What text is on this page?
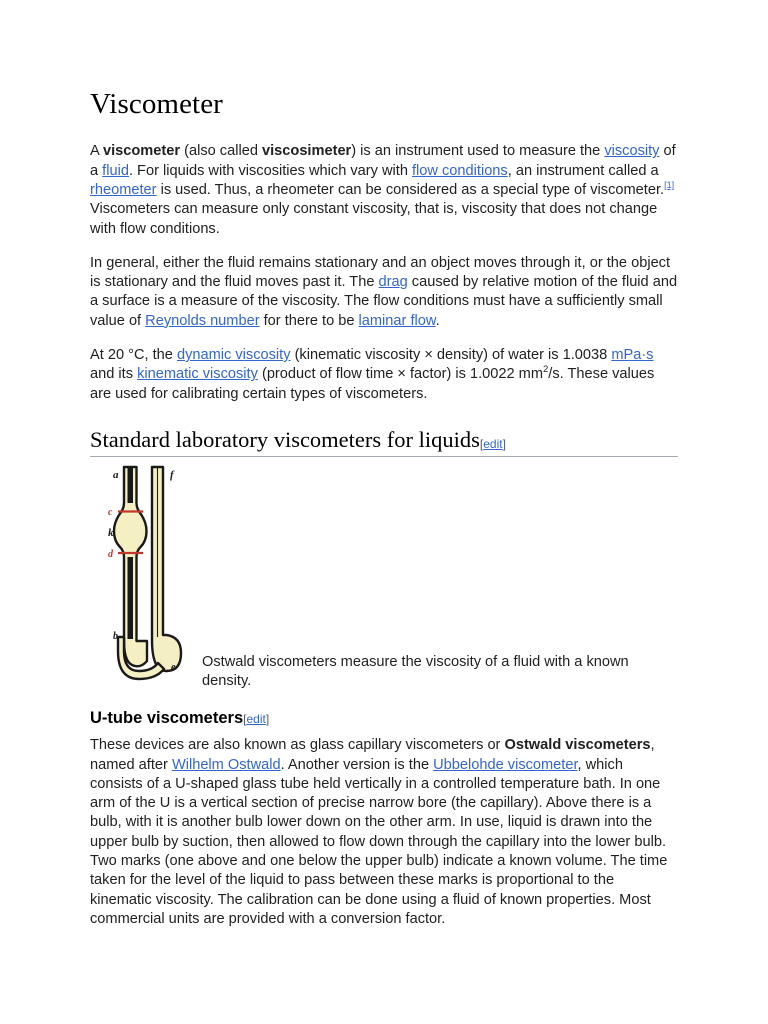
Viscometer

A viscometer (also called viscosimeter) is an instrument used to measure the viscosity of a fluid. For liquids with viscosities which vary with flow conditions, an instrument called a rheometer is used. Thus, a rheometer can be considered as a special type of viscometer.[1] Viscometers can measure only constant viscosity, that is, viscosity that does not change with flow conditions.

In general, either the fluid remains stationary and an object moves through it, or the object is stationary and the fluid moves past it. The drag caused by relative motion of the fluid and a surface is a measure of the viscosity. The flow conditions must have a sufficiently small value of Reynolds number for there to be laminar flow.

At 20 °C, the dynamic viscosity (kinematic viscosity × density) of water is 1.0038 mPa·s and its kinematic viscosity (product of flow time × factor) is 1.0022 $mm^2/s$. These values are used for calibrating certain types of viscometers.

Standard laboratory viscometers for liquids[edit]
a	f
c
k
d
b
e	Ostwald viscometers measure the viscosity of a fluid with a known density.

U-tube viscometers[edit]

These devices are also known as glass capillary viscometers or Ostwald viscometers, named after Wilhelm Ostwald. Another version is the Ubbelohde viscometer, which consists of a U-shaped glass tube held vertically in a controlled temperature bath. In one arm of the U is a vertical section of precise narrow bore (the capillary). Above there is a bulb, with it is another bulb lower down on the other arm. In use, liquid is drawn into the upper bulb by suction, then allowed to flow down through the capillary into the lower bulb. Two marks (one above and one below the upper bulb) indicate a known volume. The time taken for the level of the liquid to pass between these marks is proportional to the kinematic viscosity. The calibration can be done using a fluid of known properties. Most commercial units are provided with a conversion factor.
